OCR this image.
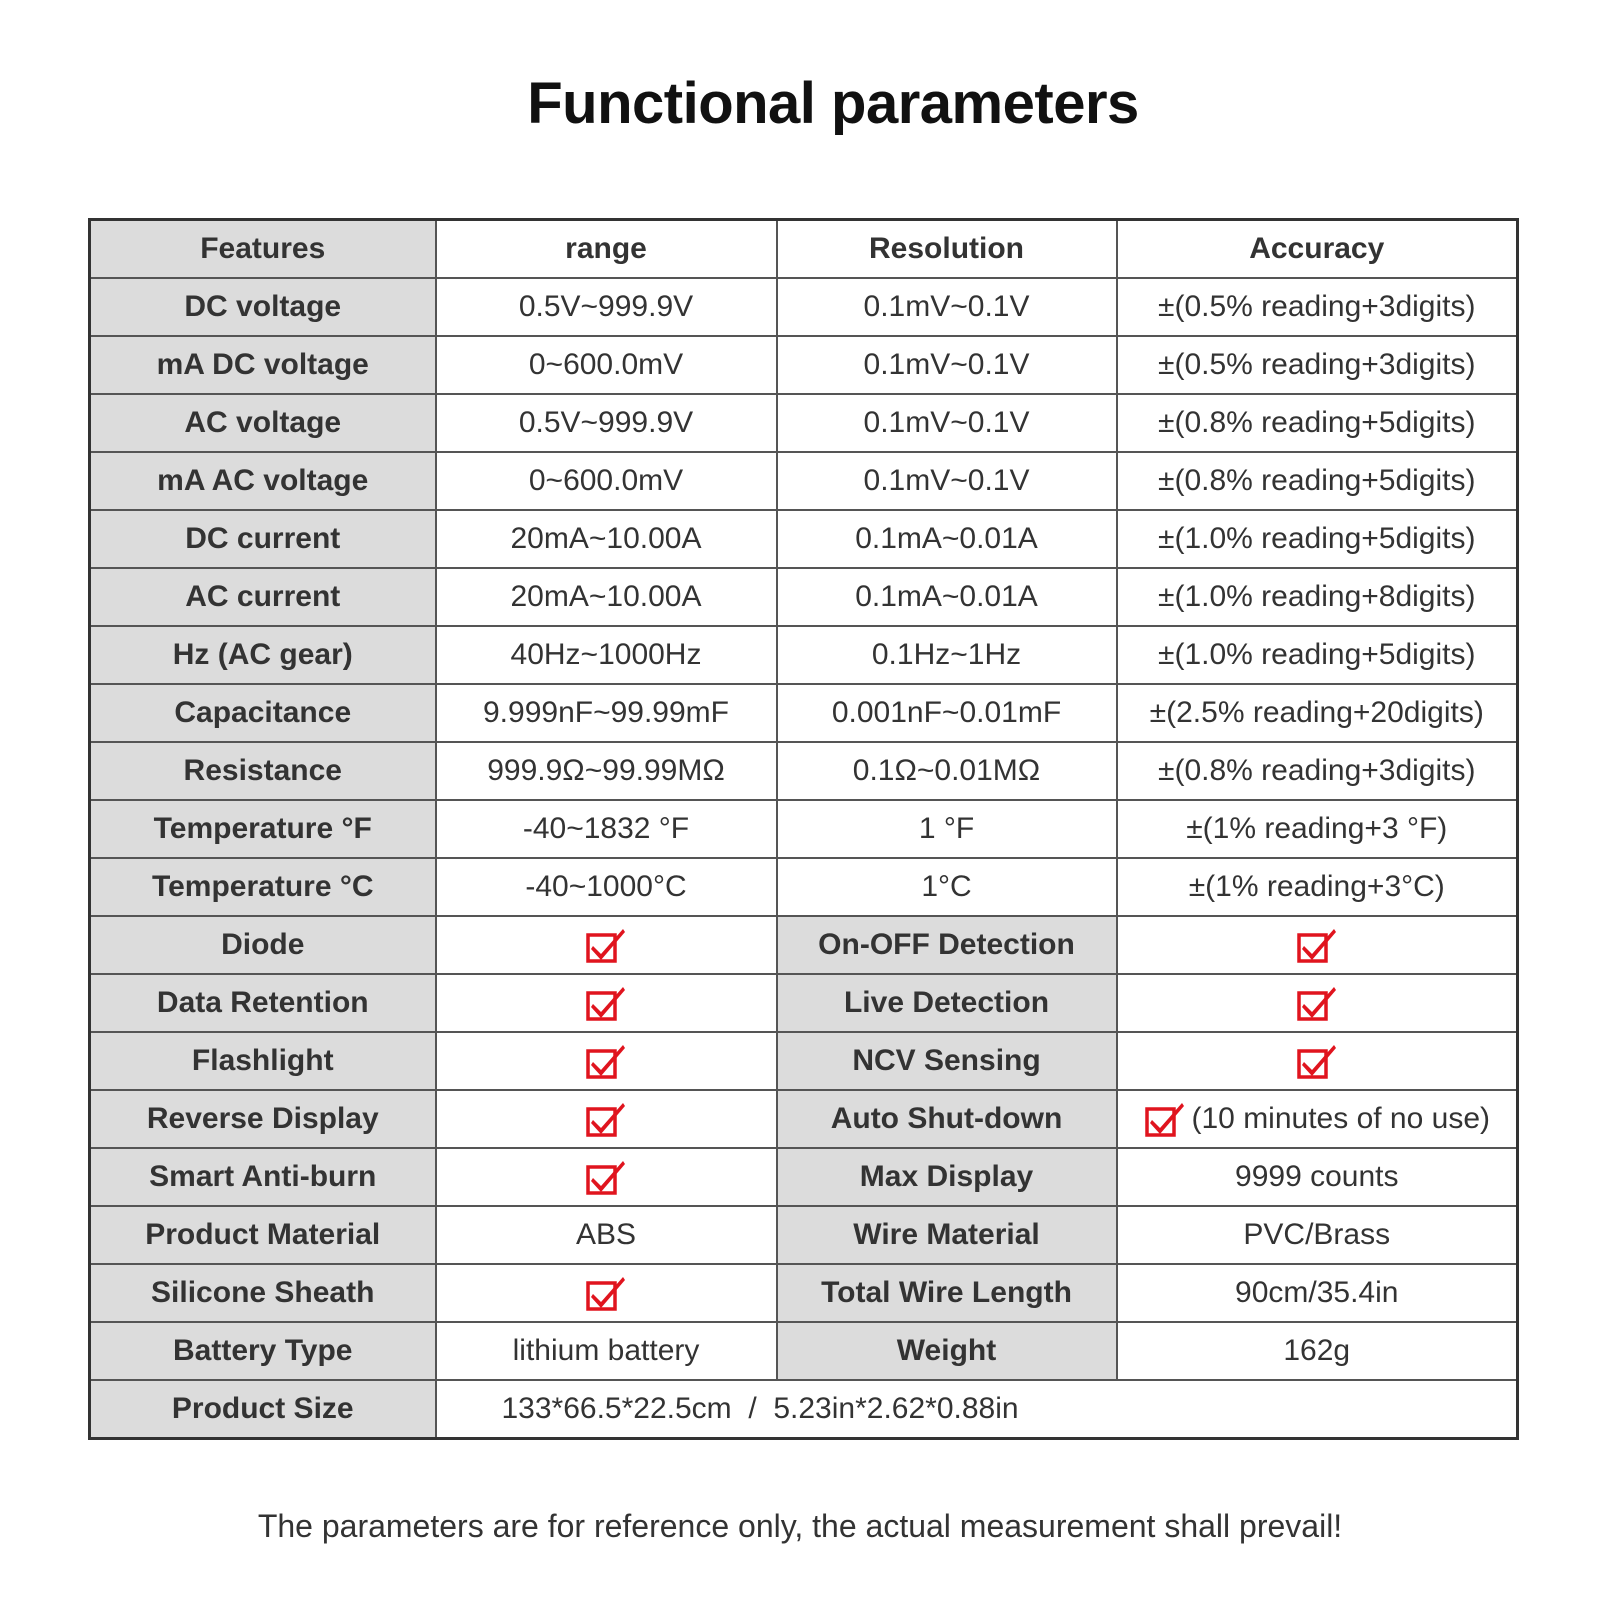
Functional parameters
Features	range	Resolution	Accuracy
DC voltage	0.5V~999.9V	0.1mV~0.1V	±(0.5% reading+3digits)
mA DC voltage	0~600.0mV	0.1mV~0.1V	±(0.5% reading+3digits)
AC voltage	0.5V~999.9V	0.1mV~0.1V	±(0.8% reading+5digits)
mA AC voltage	0~600.0mV	0.1mV~0.1V	±(0.8% reading+5digits)
DC current	20mA~10.00A	0.1mA~0.01A	±(1.0% reading+5digits)
AC current	20mA~10.00A	0.1mA~0.01A	±(1.0% reading+8digits)
Hz (AC gear)	40Hz~1000Hz	0.1Hz~1Hz	±(1.0% reading+5digits)
Capacitance	9.999nF~99.99mF	0.001nF~0.01mF	±(2.5% reading+20digits)
Resistance	999.9Ω~99.99MΩ	0.1Ω~0.01MΩ	±(0.8% reading+3digits)
Temperature °F	-40~1832 °F	1 °F	±(1% reading+3 °F)
Temperature °C	-40~1000°C	1°C	±(1% reading+3°C)
Diode		On-OFF Detection	
Data Retention		Live Detection	
Flashlight		NCV Sensing	
Reverse Display		Auto Shut-down	(10 minutes of no use)
Smart Anti-burn		Max Display	9999 counts
Product Material	ABS	Wire Material	PVC/Brass
Silicone Sheath		Total Wire Length	90cm/35.4in
Battery Type	lithium battery	Weight	162g
Product Size	133*66.5*22.5cm  /  5.23in*2.62*0.88in		
The parameters are for reference only, the actual measurement shall prevail!
